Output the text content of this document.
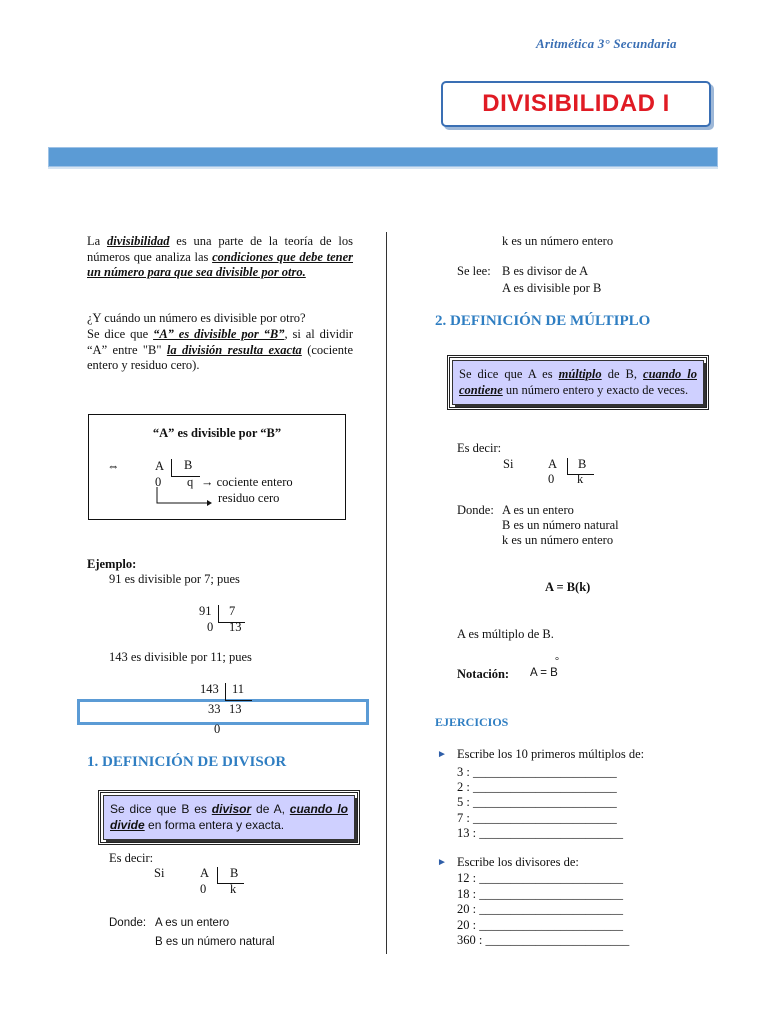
Aritmética 3° Secundaria
DIVISIBILIDAD I
La divisibilidad es una parte de la teoría de los números que analiza las condiciones que debe tener un número para que sea divisible por otro.
¿Y cuándo un número es divisible por otro?
Se dice que “A” es divisible por “B”, si al dividir “A” entre "B" la división resulta exacta (cociente entero y residuo cero).
“A” es divisible por “B”
⇔	A B
0 q → cociente entero
residuo cero
Ejemplo:
91 es divisible por 7; pues
91 7
0 13
143 es divisible por 11; pues
143 11
33 13
0
1. DEFINICIÓN DE DIVISOR
Se dice que B es divisor de A, cuando lo divide en forma entera y exacta.
Es decir:
Si	A B
0 k
Donde: A es un entero
B es un número natural
k es un número entero
Se lee: B es divisor de A
A es divisible por B
2. DEFINICIÓN DE MÚLTIPLO
Se dice que A es múltiplo de B, cuando lo contiene un número entero y exacto de veces.
Es decir:
Si	A B
0 k
Donde: A es un entero
B es un número natural
k es un número entero
A = B(k)
A es múltiplo de B.
Notación: A = B
°
EJERCICIOS
► Escribe los 10 primeros múltiplos de:
3 : _______________________
2 : _______________________
5 : _______________________
7 : _______________________
13 : _______________________
► Escribe los divisores de:
12 : _______________________
18 : _______________________
20 : _______________________
20 : _______________________
360 : _______________________
